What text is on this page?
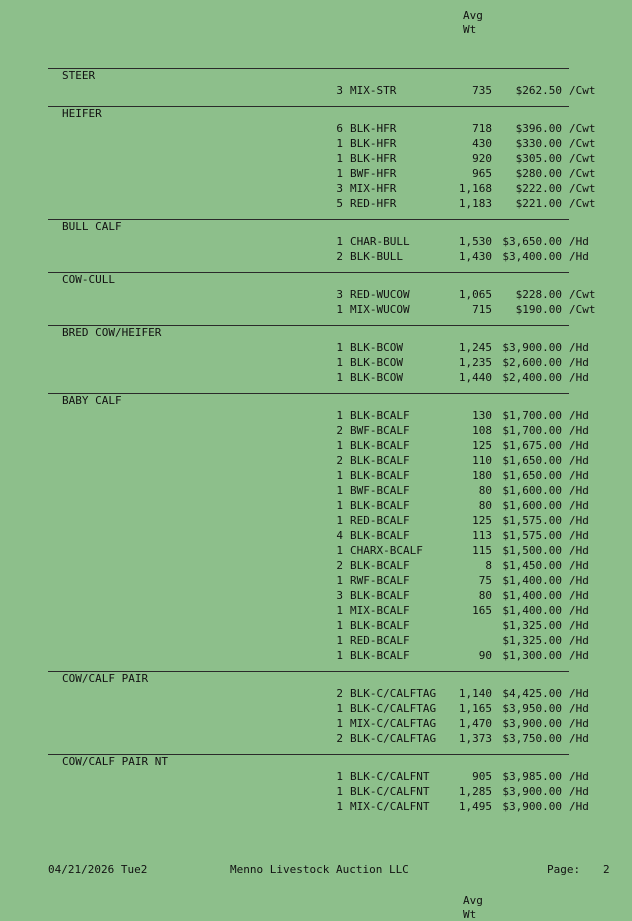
Avg
Wt
STEER
3 MIX-STR	735	$262.50 /Cwt
HEIFER
6 BLK-HFR	718	$396.00 /Cwt
1 BLK-HFR	430	$330.00 /Cwt
1 BLK-HFR	920	$305.00 /Cwt
1 BWF-HFR	965	$280.00 /Cwt
3 MIX-HFR	1,168	$222.00 /Cwt
5 RED-HFR	1,183	$221.00 /Cwt
BULL CALF
1 CHAR-BULL	1,530 $3,650.00 /Hd
2 BLK-BULL	1,430 $3,400.00 /Hd
COW-CULL
3 RED-WUCOW	1,065	$228.00 /Cwt
1 MIX-WUCOW	715	$190.00 /Cwt
BRED COW/HEIFER
1 BLK-BCOW	1,245 $3,900.00 /Hd
1 BLK-BCOW	1,235 $2,600.00 /Hd
1 BLK-BCOW	1,440 $2,400.00 /Hd
BABY CALF
1 BLK-BCALF	130 $1,700.00 /Hd
2 BWF-BCALF	108 $1,700.00 /Hd
1 BLK-BCALF	125 $1,675.00 /Hd
2 BLK-BCALF	110 $1,650.00 /Hd
1 BLK-BCALF	180 $1,650.00 /Hd
1 BWF-BCALF	80 $1,600.00 /Hd
1 BLK-BCALF	80 $1,600.00 /Hd
1 RED-BCALF	125 $1,575.00 /Hd
4 BLK-BCALF	113 $1,575.00 /Hd
1 CHARX-BCALF	115 $1,500.00 /Hd
2 BLK-BCALF	8 $1,450.00 /Hd
1 RWF-BCALF	75 $1,400.00 /Hd
3 BLK-BCALF	80 $1,400.00 /Hd
1 MIX-BCALF	165 $1,400.00 /Hd
1 BLK-BCALF	$1,325.00 /Hd
1 RED-BCALF	$1,325.00 /Hd
1 BLK-BCALF	90 $1,300.00 /Hd
COW/CALF PAIR
2 BLK-C/CALFTAG	1,140 $4,425.00 /Hd
1 BLK-C/CALFTAG	1,165 $3,950.00 /Hd
1 MIX-C/CALFTAG	1,470 $3,900.00 /Hd
2 BLK-C/CALFTAG	1,373 $3,750.00 /Hd
COW/CALF PAIR NT
1 BLK-C/CALFNT	905 $3,985.00 /Hd
1 BLK-C/CALFNT	1,285 $3,900.00 /Hd
1 MIX-C/CALFNT	1,495 $3,900.00 /Hd
04/21/2026 Tue2	Menno Livestock Auction LLC	Page: 2
Avg
Wt
